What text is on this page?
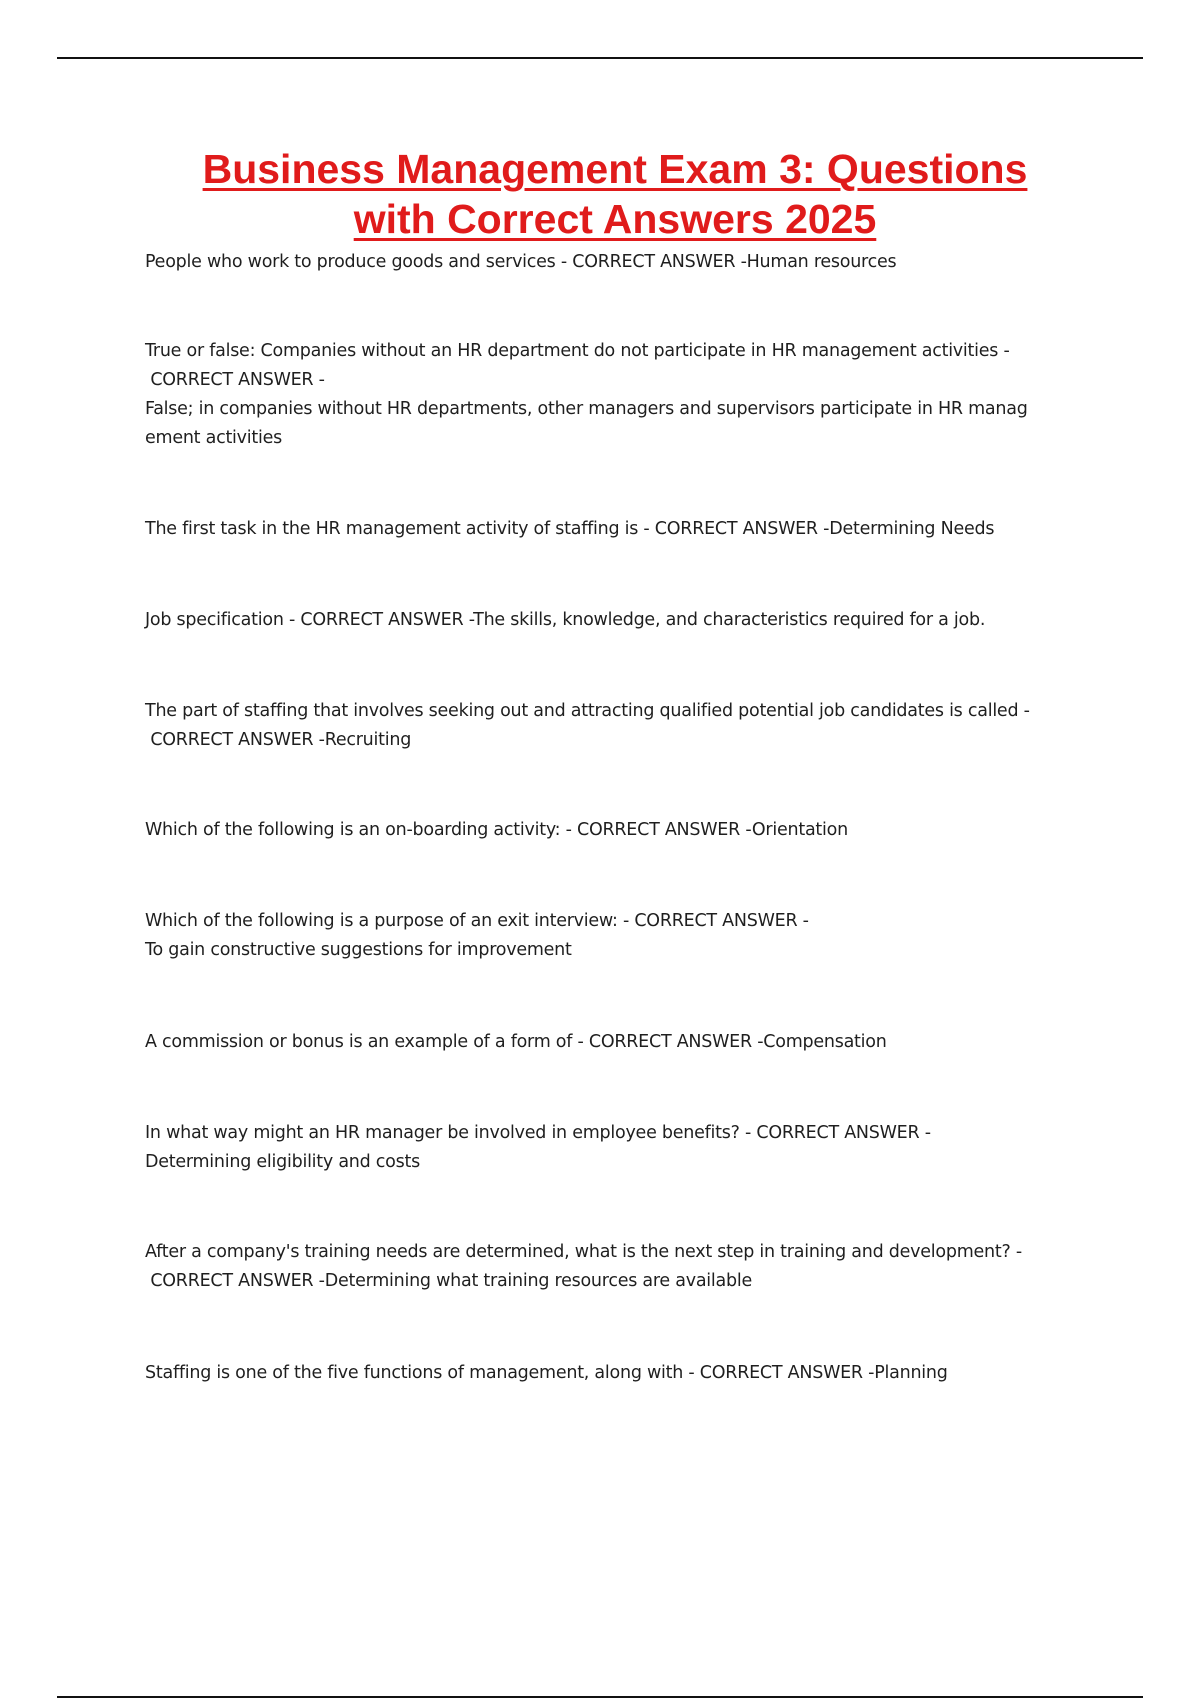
Business Management Exam 3: Questions
with Correct Answers 2025
People who work to produce goods and services - CORRECT ANSWER -Human resources
True or false: Companies without an HR department do not participate in HR management activities -
CORRECT ANSWER -
False; in companies without HR departments, other managers and supervisors participate in HR manag
ement activities
The first task in the HR management activity of staffing is - CORRECT ANSWER -Determining Needs
Job specification - CORRECT ANSWER -The skills, knowledge, and characteristics required for a job.
The part of staffing that involves seeking out and attracting qualified potential job candidates is called -
CORRECT ANSWER -Recruiting
Which of the following is an on-boarding activity: - CORRECT ANSWER -Orientation
Which of the following is a purpose of an exit interview: - CORRECT ANSWER -
To gain constructive suggestions for improvement
A commission or bonus is an example of a form of - CORRECT ANSWER -Compensation
In what way might an HR manager be involved in employee benefits? - CORRECT ANSWER -
Determining eligibility and costs
After a company's training needs are determined, what is the next step in training and development? -
CORRECT ANSWER -Determining what training resources are available
Staffing is one of the five functions of management, along with - CORRECT ANSWER -Planning
